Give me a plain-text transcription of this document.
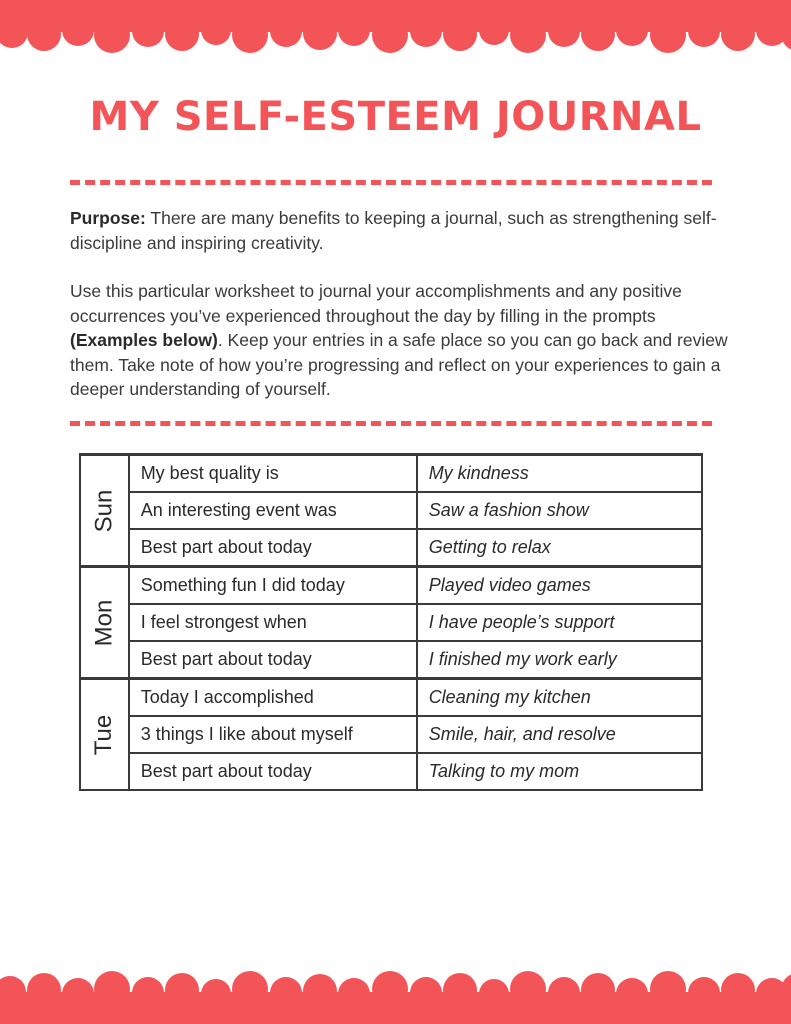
MY SELF-ESTEEM JOURNAL

Purpose: There are many benefits to keeping a journal, such as strengthening self-discipline and inspiring creativity.

Use this particular worksheet to journal your accomplishments and any positive occurrences you’ve experienced throughout the day by filling in the prompts (Examples below). Keep your entries in a safe place so you can go back and review them. Take note of how you’re progressing and reflect on your experiences to gain a deeper understanding of yourself.

Sun	My best quality is	My kindness
	An interesting event was	Saw a fashion show
	Best part about today	Getting to relax
Mon	Something fun I did today	Played video games
	I feel strongest when	I have people’s support
	Best part about today	I finished my work early
Tue	Today I accomplished	Cleaning my kitchen
	3 things I like about myself	Smile, hair, and resolve
	Best part about today	Talking to my mom
